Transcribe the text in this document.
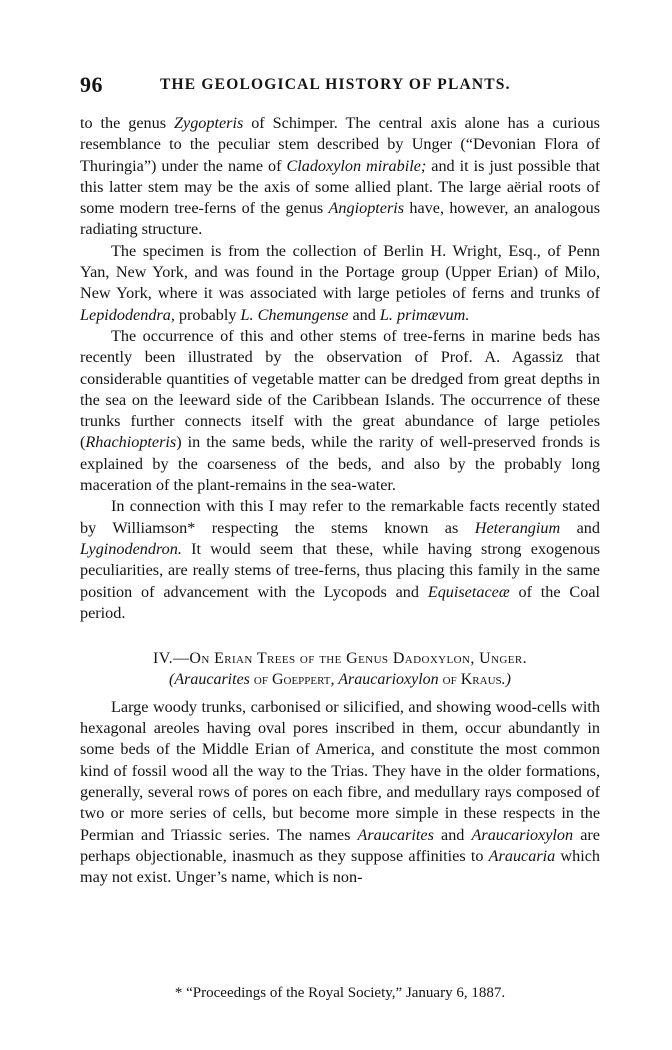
96	THE GEOLOGICAL HISTORY OF PLANTS.

to the genus Zygopteris of Schimper. The central axis alone has a curious resemblance to the peculiar stem described by Unger (“Devonian Flora of Thuringia”) under the name of Cladoxylon mirabile; and it is just possible that this latter stem may be the axis of some allied plant. The large aërial roots of some modern tree-ferns of the genus Angiopteris have, however, an analogous radiating structure.

The specimen is from the collection of Berlin H. Wright, Esq., of Penn Yan, New York, and was found in the Portage group (Upper Erian) of Milo, New York, where it was associated with large petioles of ferns and trunks of Lepidodendra, probably L. Chemungense and L. primævum.

The occurrence of this and other stems of tree-ferns in marine beds has recently been illustrated by the observation of Prof. A. Agassiz that considerable quantities of vegetable matter can be dredged from great depths in the sea on the leeward side of the Caribbean Islands. The occurrence of these trunks further connects itself with the great abundance of large petioles (Rhachiopteris) in the same beds, while the rarity of well-preserved fronds is explained by the coarseness of the beds, and also by the probably long maceration of the plant-remains in the sea-water.

In connection with this I may refer to the remarkable facts recently stated by Williamson* respecting the stems known as Heterangium and Lyginodendron. It would seem that these, while having strong exogenous peculiarities, are really stems of tree-ferns, thus placing this family in the same position of advancement with the Lycopods and Equisetaceæ of the Coal period.

IV.—On Erian Trees of the Genus Dadoxylon, Unger.
(Araucarites of Goeppert, Araucarioxylon of Kraus.)

Large woody trunks, carbonised or silicified, and showing wood-cells with hexagonal areoles having oval pores inscribed in them, occur abundantly in some beds of the Middle Erian of America, and constitute the most common kind of fossil wood all the way to the Trias. They have in the older formations, generally, several rows of pores on each fibre, and medullary rays composed of two or more series of cells, but become more simple in these respects in the Permian and Triassic series. The names Araucarites and Araucarioxylon are perhaps objectionable, inasmuch as they suppose affinities to Araucaria which may not exist. Unger’s name, which is non-

* “Proceedings of the Royal Society,” January 6, 1887.
